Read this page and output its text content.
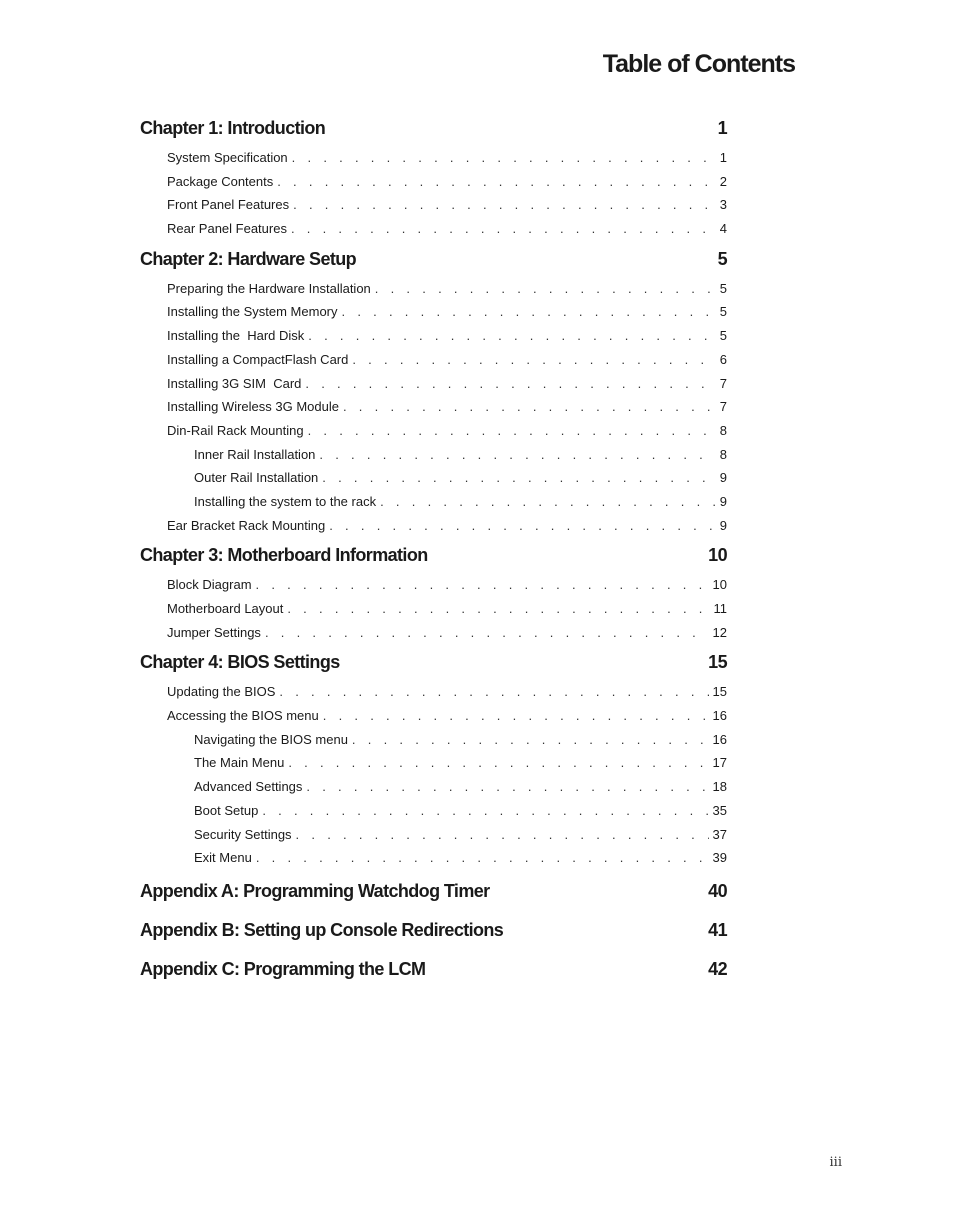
Table of Contents
Chapter 1: Introduction	1
System Specification . . .	1
Package Contents . . .	2
Front Panel Features . . .	3
Rear Panel Features . . .	4
Chapter 2: Hardware Setup	5
Preparing the Hardware Installation . . .	5
Installing the System Memory . . .	5
Installing the  Hard Disk . . .	5
Installing a CompactFlash Card . . .	6
Installing 3G SIM  Card . . .	7
Installing Wireless 3G Module . . .	7
Din-Rail Rack Mounting . . .	8
Inner Rail Installation . . .	8
Outer Rail Installation . . .	9
Installing the system to the rack . . .	9
Ear Bracket Rack Mounting . . .	9
Chapter 3: Motherboard Information	10
Block Diagram . . .	10
Motherboard Layout . . .	11
Jumper Settings . . .	12
Chapter 4: BIOS Settings	15
Updating the BIOS . . .	15
Accessing the BIOS menu . . .	16
Navigating the BIOS menu . . .	16
The Main Menu . . .	17
Advanced Settings . . .	18
Boot Setup . . .	35
Security Settings . . .	37
Exit Menu . . .	39
Appendix A: Programming Watchdog Timer	40
Appendix B: Setting up Console Redirections	41
Appendix C: Programming the LCM	42
iii
